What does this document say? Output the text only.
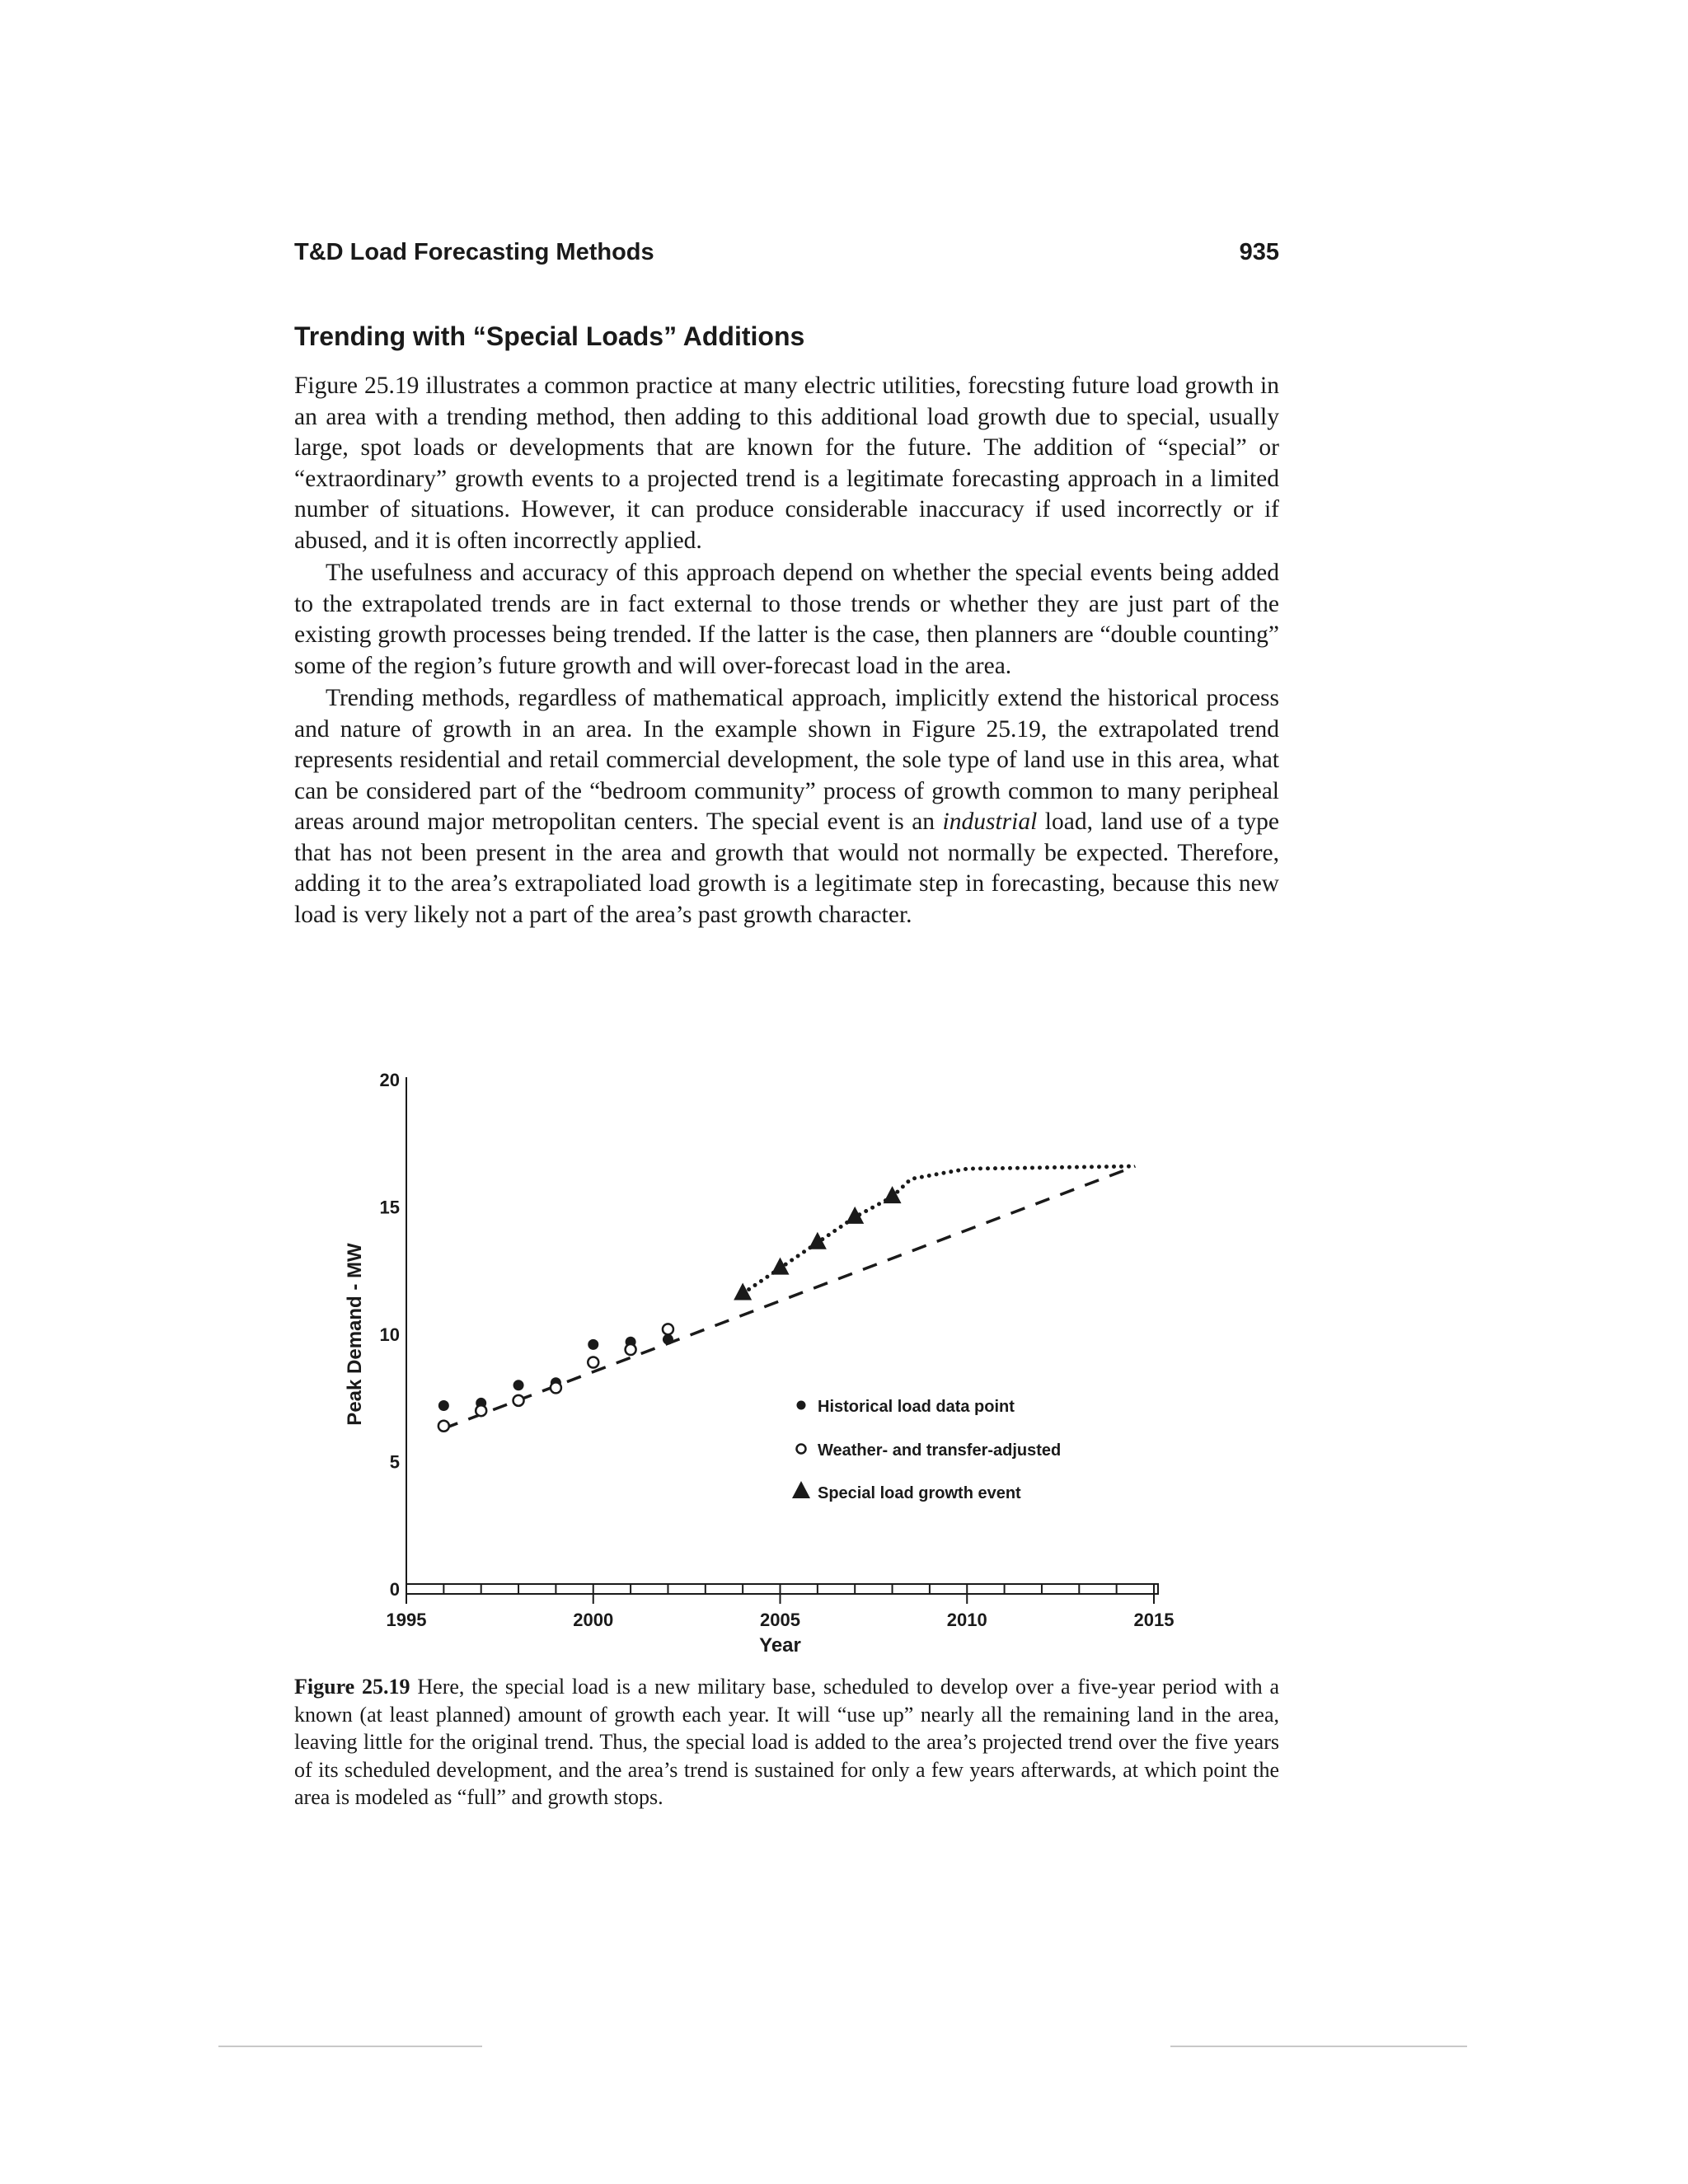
T&D Load Forecasting Methods	935
Trending with “Special Loads” Additions

Figure 25.19 illustrates a common practice at many electric utilities, forecsting future load growth in an area with a trending method, then adding to this additional load growth due to special, usually large, spot loads or developments that are known for the future. The addition of “special” or “extraordinary” growth events to a projected trend is a legitimate forecasting approach in a limited number of situations. However, it can produce considerable inaccuracy if used incorrectly or if abused, and it is often incorrectly applied.

The usefulness and accuracy of this approach depend on whether the special events being added to the extrapolated trends are in fact external to those trends or whether they are just part of the existing growth processes being trended. If the latter is the case, then planners are “double counting” some of the region’s future growth and will over-forecast load in the area.

Trending methods, regardless of mathematical approach, implicitly extend the historical process and nature of growth in an area. In the example shown in Figure 25.19, the extrapolated trend represents residential and retail commercial development, the sole type of land use in this area, what can be considered part of the “bedroom community” process of growth common to many peripheal areas around major metropolitan centers. The special event is an industrial load, land use of a type that has not been present in the area and growth that would not normally be expected. Therefore, adding it to the area’s extrapoliated load growth is a legitimate step in forecasting, because this new load is very likely not a part of the area’s past growth character.

1995	2000	2005	2010	2015
0
5
10
15
20
Year
Peak Demand - MW	Historical load data point
Weather- and transfer-adjusted
Special load growth event
Figure 25.19 Here, the special load is a new military base, scheduled to develop over a five-year period with a known (at least planned) amount of growth each year. It will “use up” nearly all the remaining land in the area, leaving little for the original trend. Thus, the special load is added to the area’s projected trend over the five years of its scheduled development, and the area’s trend is sustained for only a few years afterwards, at which point the area is modeled as “full” and growth stops.
